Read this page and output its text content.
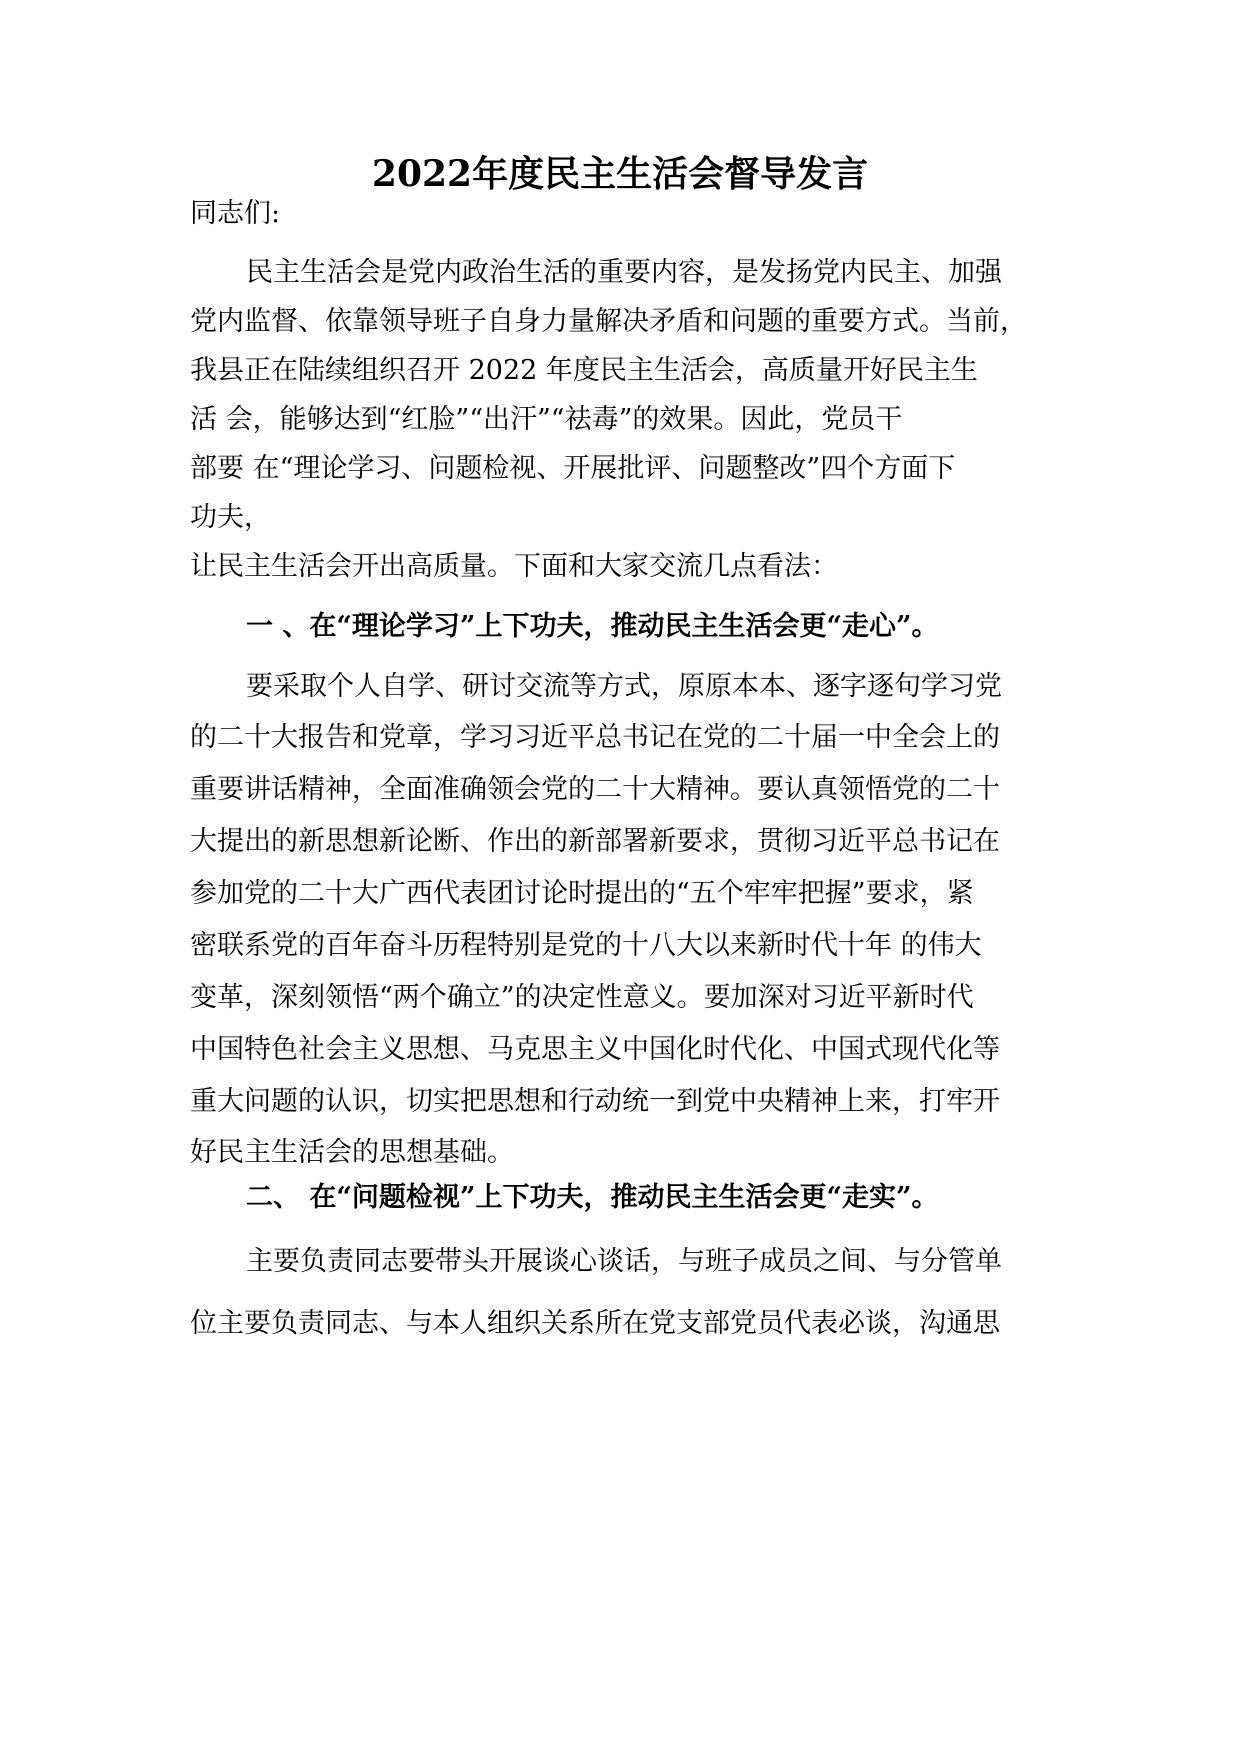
2022年度民主生活会督导发言
同志们:
民主生活会是党内政治生活的重要内容，是发扬党内民主、加强
党内监督、依靠领导班子自身力量解决矛盾和问题的重要方式。当前，
我县正在陆续组织召开 2022 年度民主生活会，高质量开好民主生
活 会，能够达到“红脸”“出汗”“祛毒”的效果。因此，党员干
部要 在“理论学习、问题检视、开展批评、问题整改”四个方面下
功夫，
让民主生活会开出高质量。下面和大家交流几点看法：
一 、在“理论学习”上下功夫，推动民主生活会更“走心”。
要采取个人自学、研讨交流等方式，原原本本、逐字逐句学习党
的二十大报告和党章，学习习近平总书记在党的二十届一中全会上的
重要讲话精神，全面准确领会党的二十大精神。要认真领悟党的二十
大提出的新思想新论断、作出的新部署新要求，贯彻习近平总书记在
参加党的二十大广西代表团讨论时提出的“五个牢牢把握”要求，紧
密联系党的百年奋斗历程特别是党的十八大以来新时代十年 的伟大
变革，深刻领悟“两个确立”的决定性意义。要加深对习近平新时代
中国特色社会主义思想、马克思主义中国化时代化、中国式现代化等
重大问题的认识，切实把思想和行动统一到党中央精神上来，打牢开
好民主生活会的思想基础。
二、 在“问题检视”上下功夫，推动民主生活会更“走实”。
主要负责同志要带头开展谈心谈话，与班子成员之间、与分管单
位主要负责同志、与本人组织关系所在党支部党员代表必谈，沟通思
